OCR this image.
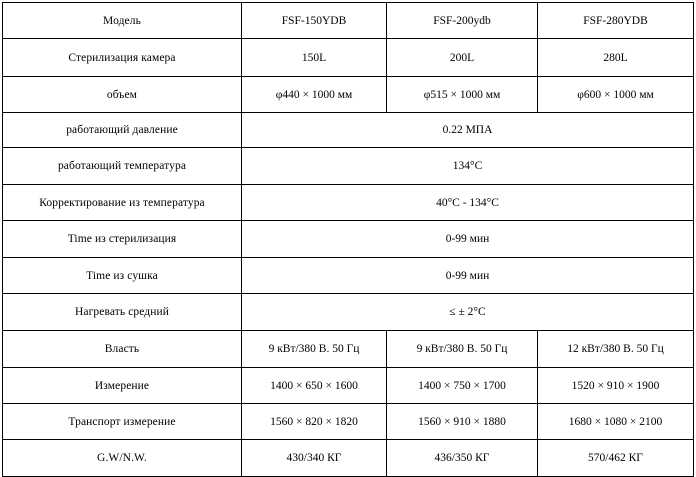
Модель	FSF-150YDB	FSF-200ydb	FSF-280YDB
Стерилизация камера	150L	200L	280L
объем	φ440 × 1000 мм	φ515 × 1000 мм	φ600 × 1000 мм
работающий давление	0.22 МПА		
работающий температура	134°C		
Корректирование из температура	40°C - 134°C		
Time из стерилизация	0-99 мин		
Time из сушка	0-99 мин		
Нагревать средний	≤ ± 2°C		
Власть	9 кВт/380 В. 50 Гц	9 кВт/380 В. 50 Гц	12 кВт/380 В. 50 Гц
Измерение	1400 × 650 × 1600	1400 × 750 × 1700	1520 × 910 × 1900
Транспорт измерение	1560 × 820 × 1820	1560 × 910 × 1880	1680 × 1080 × 2100
G.W/N.W.	430/340 КГ	436/350 КГ	570/462 КГ
